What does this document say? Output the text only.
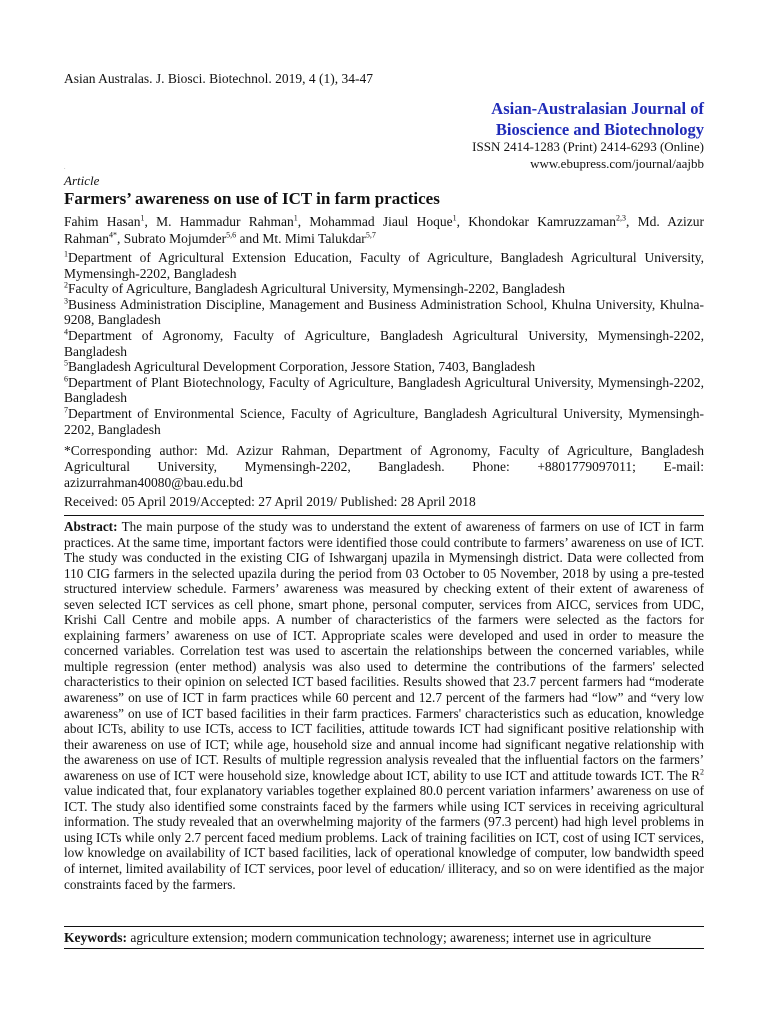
Asian Australas. J. Biosci. Biotechnol. 2019, 4 (1), 34-47
Asian-Australasian Journal of
Bioscience and Biotechnology
ISSN 2414-1283 (Print) 2414-6293 (Online)
www.ebupress.com/journal/aajbb
.
Article
Farmers’ awareness on use of ICT in farm practices
Fahim Hasan$^1$, M. Hammadur Rahman$^1$, Mohammad Jiaul Hoque$^1$, Khondokar Kamruzzaman$^{2,3}$, Md. Azizur Rahman$^{4*}$, Subrato Mojumder$^{5,6}$ and Mt. Mimi Talukdar$^{5,7}$
$^1$Department of Agricultural Extension Education, Faculty of Agriculture, Bangladesh Agricultural University, Mymensingh-2202, Bangladesh
$^2$Faculty of Agriculture, Bangladesh Agricultural University, Mymensingh-2202, Bangladesh
$^3$Business Administration Discipline, Management and Business Administration School, Khulna University, Khulna-9208, Bangladesh
$^4$Department of Agronomy, Faculty of Agriculture, Bangladesh Agricultural University, Mymensingh-2202, Bangladesh
$^5$Bangladesh Agricultural Development Corporation, Jessore Station, 7403, Bangladesh
$^6$Department of Plant Biotechnology, Faculty of Agriculture, Bangladesh Agricultural University, Mymensingh-2202, Bangladesh
$^7$Department of Environmental Science, Faculty of Agriculture, Bangladesh Agricultural University, Mymensingh-2202, Bangladesh
*Corresponding author: Md. Azizur Rahman, Department of Agronomy, Faculty of Agriculture, Bangladesh Agricultural University, Mymensingh-2202, Bangladesh. Phone: +8801779097011; E-mail: azizurrahman40080@bau.edu.bd
Received: 05 April 2019/Accepted: 27 April 2019/ Published: 28 April 2018
Abstract: The main purpose of the study was to understand the extent of awareness of farmers on use of ICT in farm practices. At the same time, important factors were identified those could contribute to farmers’ awareness on use of ICT. The study was conducted in the existing CIG of Ishwarganj upazila in Mymensingh district. Data were collected from 110 CIG farmers in the selected upazila during the period from 03 October to 05 November, 2018 by using a pre-tested structured interview schedule. Farmers’ awareness was measured by checking extent of their extent of awareness of seven selected ICT services as cell phone, smart phone, personal computer, services from AICC, services from UDC, Krishi Call Centre and mobile apps. A number of characteristics of the farmers were selected as the factors for explaining farmers’ awareness on use of ICT. Appropriate scales were developed and used in order to measure the concerned variables. Correlation test was used to ascertain the relationships between the concerned variables, while multiple regression (enter method) analysis was also used to determine the contributions of the farmers' selected characteristics to their opinion on selected ICT based facilities. Results showed that 23.7 percent farmers had “moderate awareness” on use of ICT in farm practices while 60 percent and 12.7 percent of the farmers had “low” and “very low awareness” on use of ICT based facilities in their farm practices. Farmers' characteristics such as education, knowledge about ICTs, ability to use ICTs, access to ICT facilities, attitude towards ICT had significant positive relationship with their awareness on use of ICT; while age, household size and annual income had significant negative relationship with the awareness on use of ICT. Results of multiple regression analysis revealed that the influential factors on the farmers’ awareness on use of ICT were household size, knowledge about ICT, ability to use ICT and attitude towards ICT. The $R^2$ value indicated that, four explanatory variables together explained 80.0 percent variation infarmers’ awareness on use of ICT. The study also identified some constraints faced by the farmers while using ICT services in receiving agricultural information. The study revealed that an overwhelming majority of the farmers (97.3 percent) had high level problems in using ICTs while only 2.7 percent faced medium problems. Lack of training facilities on ICT, cost of using ICT services, low knowledge on availability of ICT based facilities, lack of operational knowledge of computer, low bandwidth speed of internet, limited availability of ICT services, poor level of education/ illiteracy, and so on were identified as the major constraints faced by the farmers.
Keywords: agriculture extension; modern communication technology; awareness; internet use in agriculture
